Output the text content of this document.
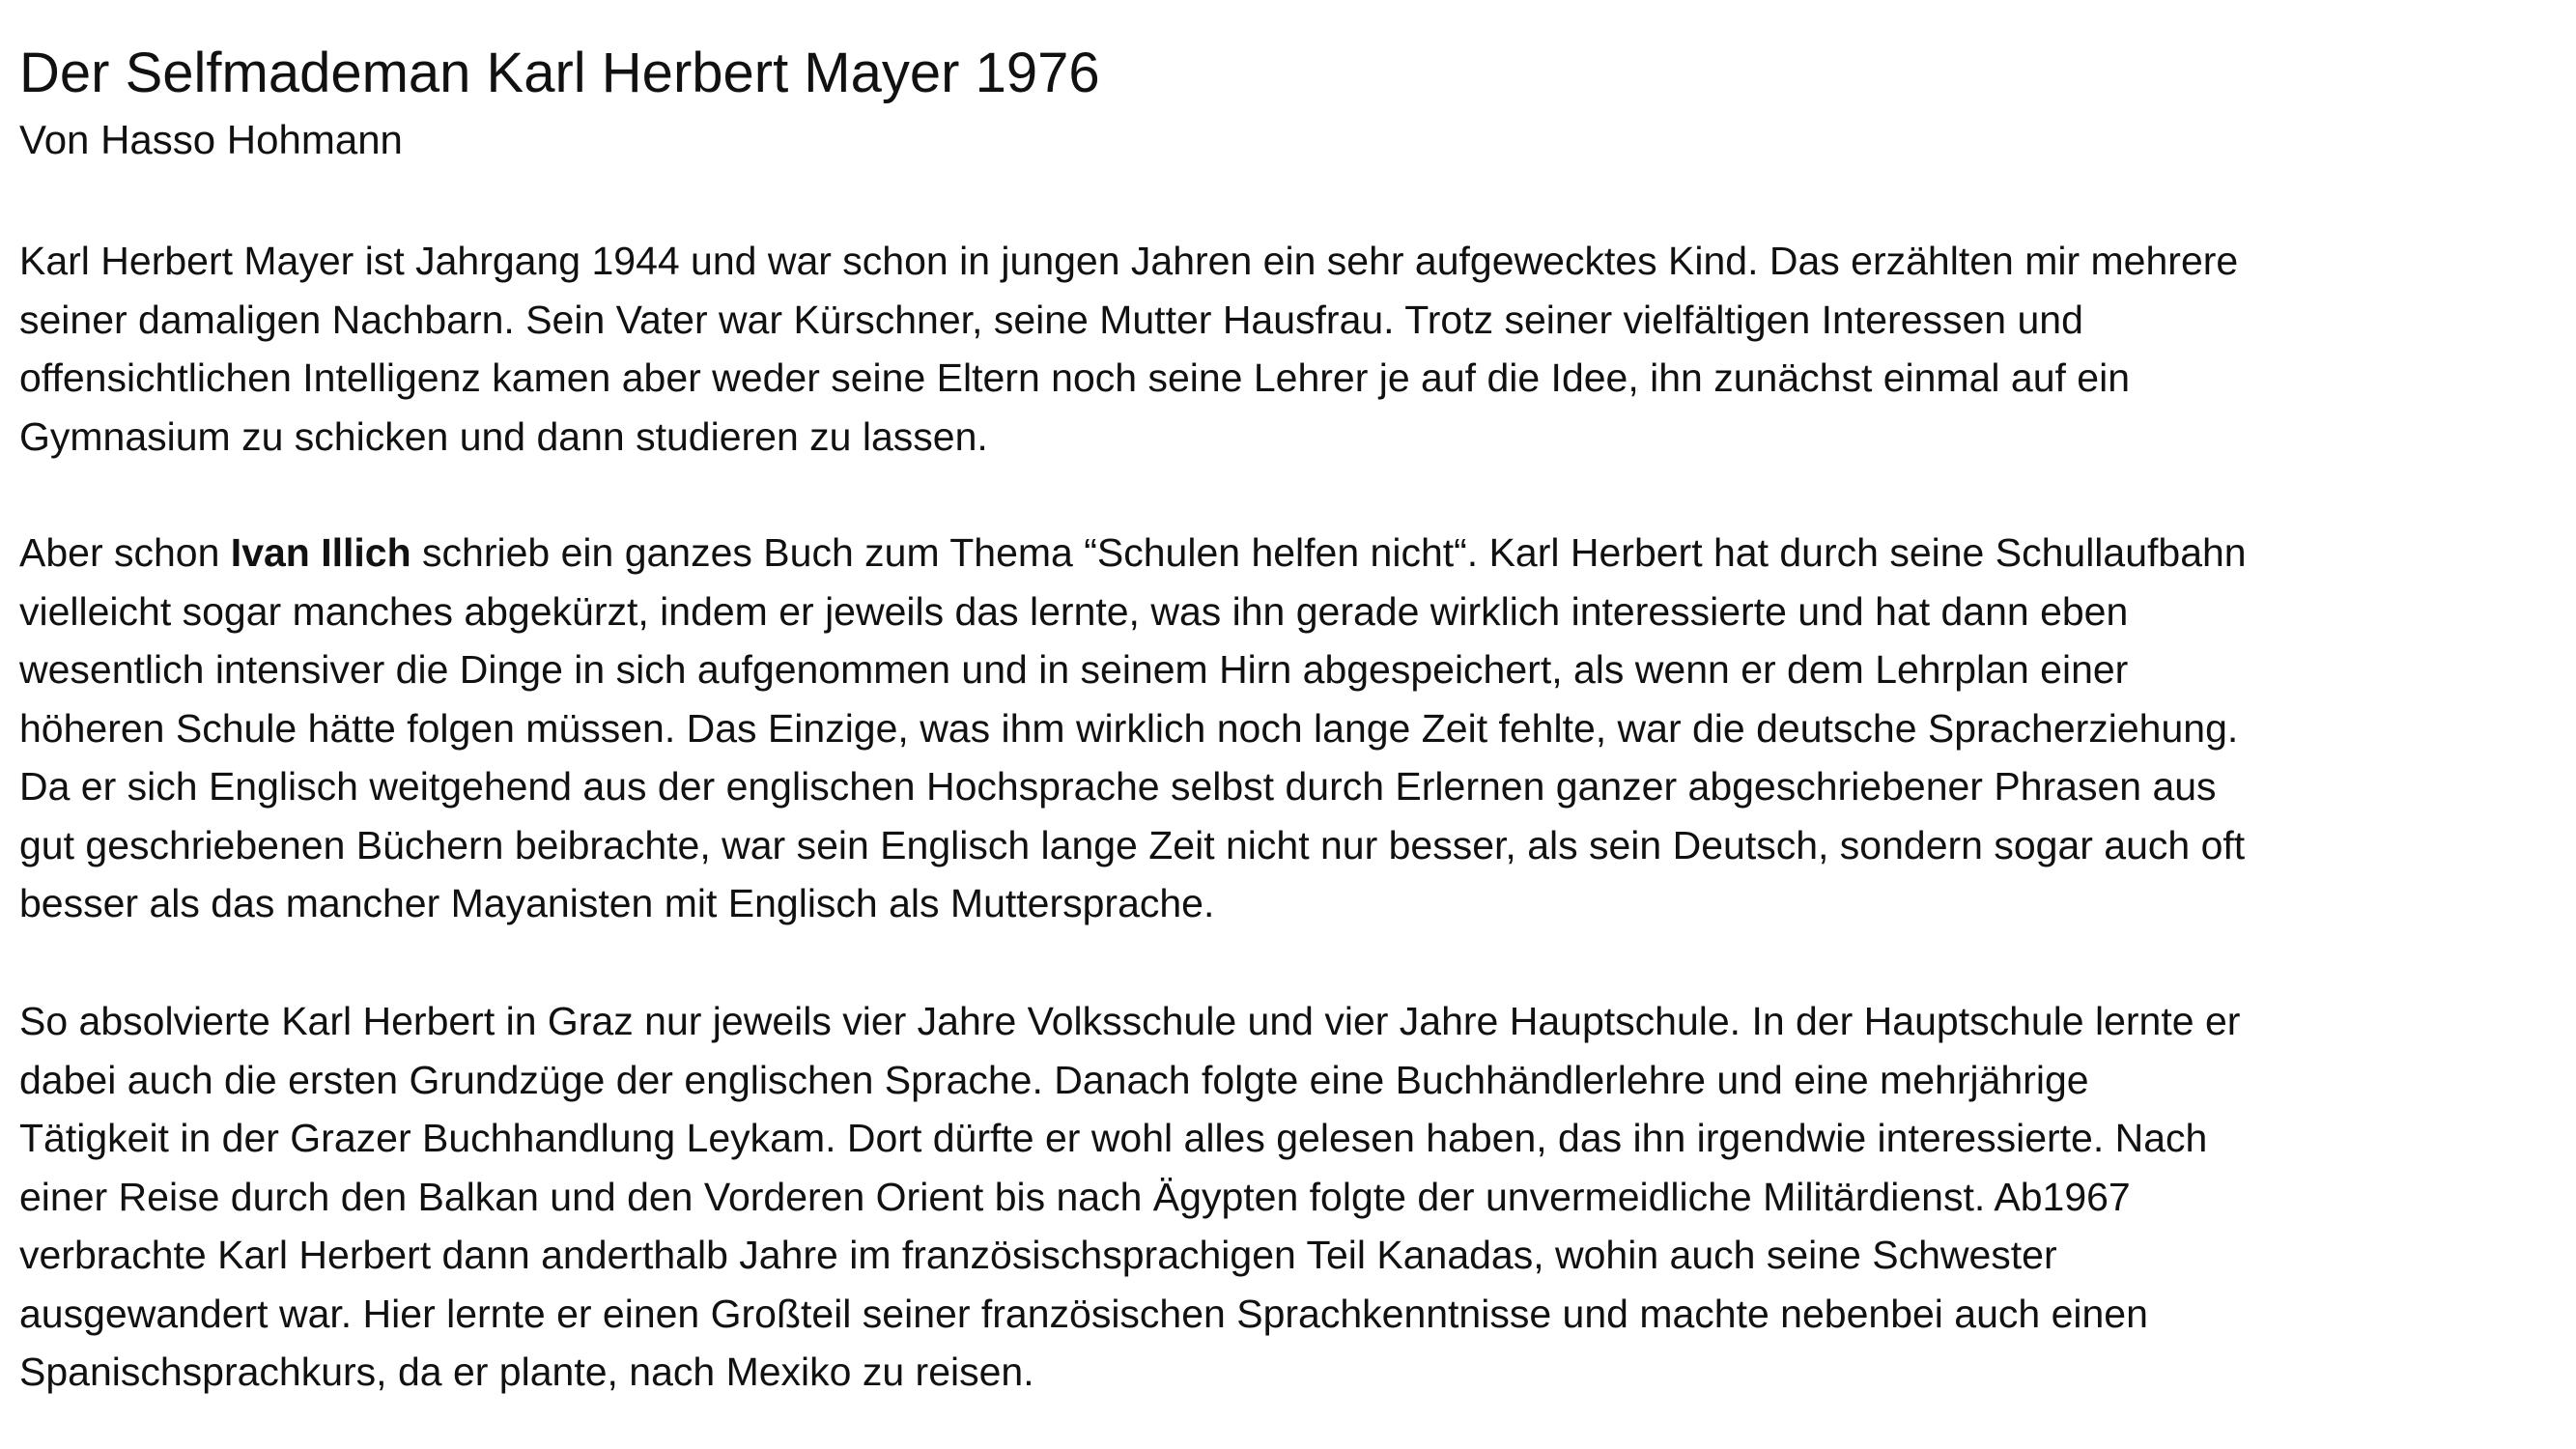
Der Selfmademan Karl Herbert Mayer 1976
Von Hasso Hohmann
Karl Herbert Mayer ist Jahrgang 1944 und war schon in jungen Jahren ein sehr aufgewecktes Kind. Das erzählten mir mehrere
seiner damaligen Nachbarn. Sein Vater war Kürschner, seine Mutter Hausfrau. Trotz seiner vielfältigen Interessen und
offensichtlichen Intelligenz kamen aber weder seine Eltern noch seine Lehrer je auf die Idee, ihn zunächst einmal auf ein
Gymnasium zu schicken und dann studieren zu lassen.
Aber schon Ivan Illich schrieb ein ganzes Buch zum Thema “Schulen helfen nicht“. Karl Herbert hat durch seine Schullaufbahn
vielleicht sogar manches abgekürzt, indem er jeweils das lernte, was ihn gerade wirklich interessierte und hat dann eben
wesentlich intensiver die Dinge in sich aufgenommen und in seinem Hirn abgespeichert, als wenn er dem Lehrplan einer
höheren Schule hätte folgen müssen. Das Einzige, was ihm wirklich noch lange Zeit fehlte, war die deutsche Spracherziehung.
Da er sich Englisch weitgehend aus der englischen Hochsprache selbst durch Erlernen ganzer abgeschriebener Phrasen aus
gut geschriebenen Büchern beibrachte, war sein Englisch lange Zeit nicht nur besser, als sein Deutsch, sondern sogar auch oft
besser als das mancher Mayanisten mit Englisch als Muttersprache.
So absolvierte Karl Herbert in Graz nur jeweils vier Jahre Volksschule und vier Jahre Hauptschule. In der Hauptschule lernte er
dabei auch die ersten Grundzüge der englischen Sprache. Danach folgte eine Buchhändlerlehre und eine mehrjährige
Tätigkeit in der Grazer Buchhandlung Leykam. Dort dürfte er wohl alles gelesen haben, das ihn irgendwie interessierte. Nach
einer Reise durch den Balkan und den Vorderen Orient bis nach Ägypten folgte der unvermeidliche Militärdienst. Ab1967
verbrachte Karl Herbert dann anderthalb Jahre im französischsprachigen Teil Kanadas, wohin auch seine Schwester
ausgewandert war. Hier lernte er einen Großteil seiner französischen Sprachkenntnisse und machte nebenbei auch einen
Spanischsprachkurs, da er plante, nach Mexiko zu reisen.
